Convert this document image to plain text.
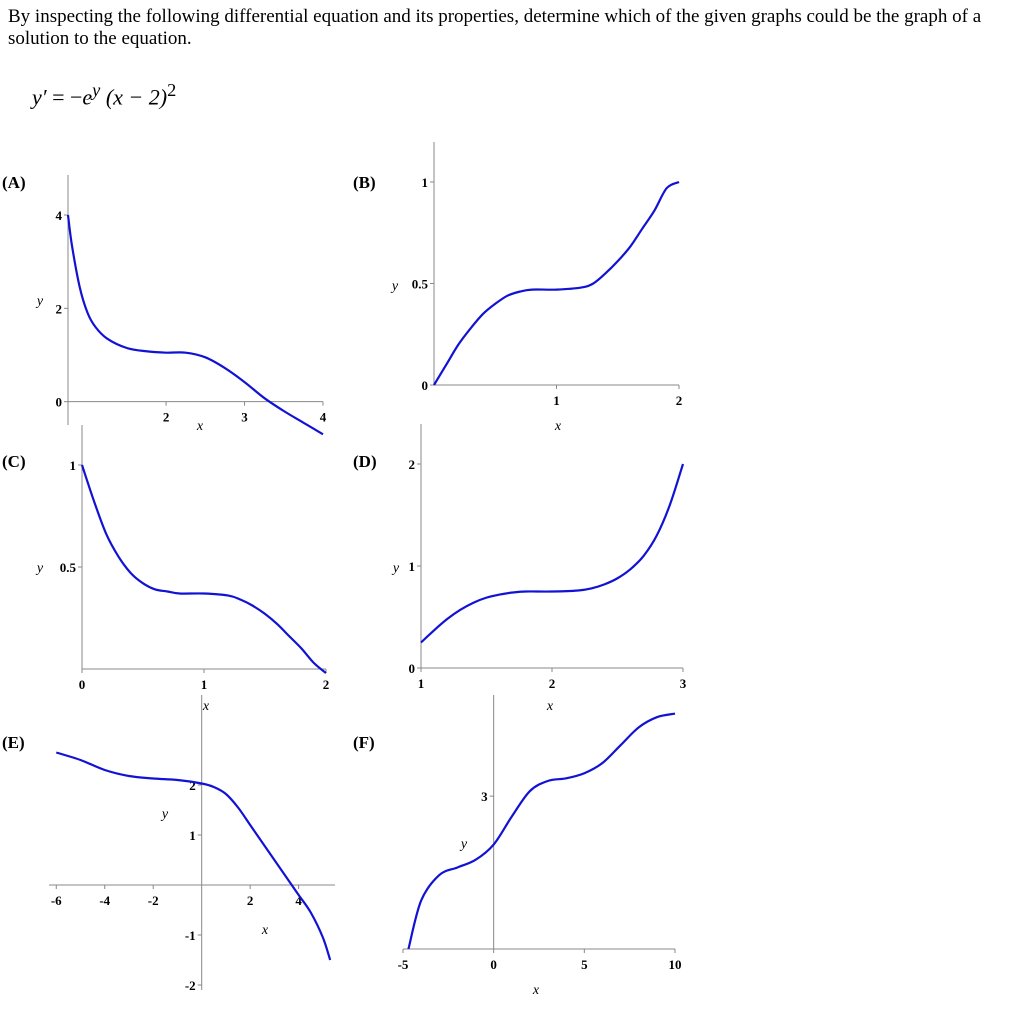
By inspecting the following differential equation and its properties, determine which of the given graphs could be the graph of a solution to the equation.

$y' = -e^y$ $(x - 2)^2$
(A)
2	3	4
0
2
4
x
y
(B)
1	2
0
0.5
1
x
y
(C)
0	1	2
0.5
1
x
y
(D)
1	2	3
0
1
2
x
y
(E)
-6	-4	-2	2	4
-2
-1
1
2
x
y
(F)
-5	0	5	10
3
x
y
